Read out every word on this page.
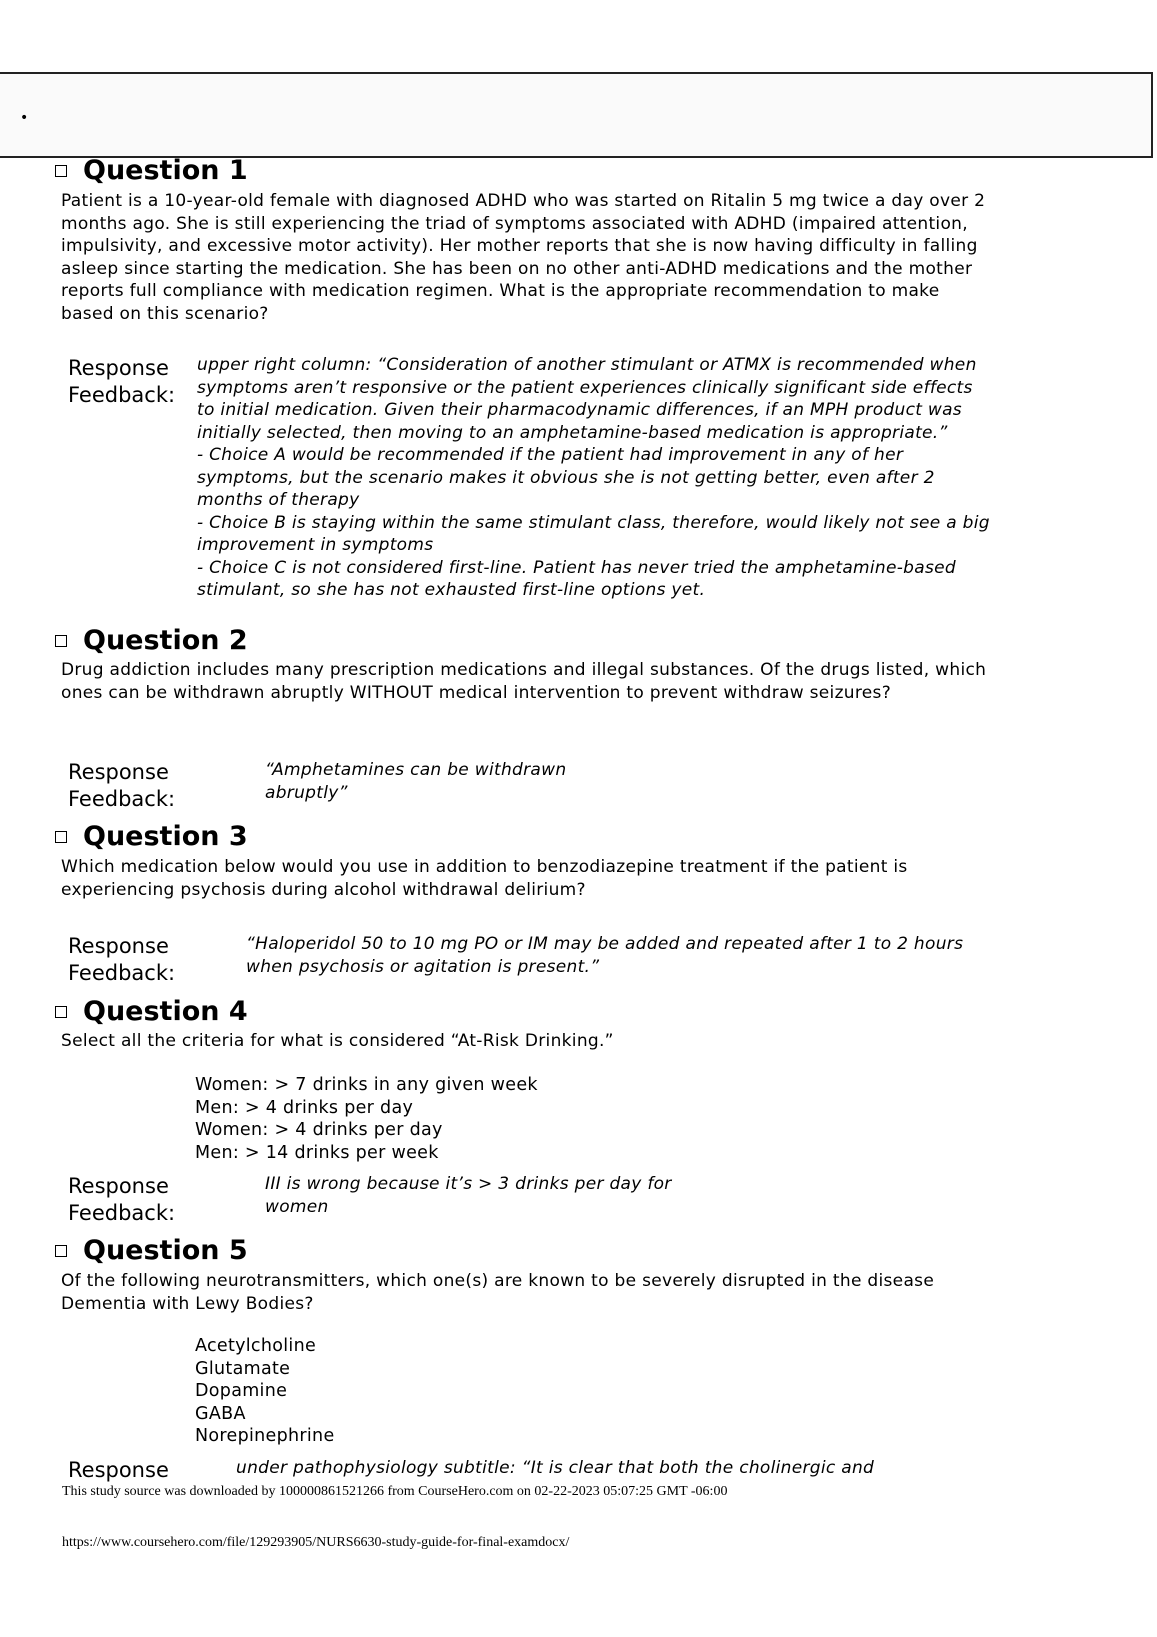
•
Question 1
Patient is a 10-year-old female with diagnosed ADHD who was started on Ritalin 5 mg twice a day over 2 months ago. She is still experiencing the triad of symptoms associated with ADHD (impaired attention, impulsivity, and excessive motor activity). Her mother reports that she is now having difficulty in falling asleep since starting the medication. She has been on no other anti-ADHD medications and the mother reports full compliance with medication regimen. What is the appropriate recommendation to make based on this scenario?
Response
Feedback:
upper right column: “Consideration of another stimulant or ATMX is recommended when symptoms aren’t responsive or the patient experiences clinically significant side effects to initial medication. Given their pharmacodynamic differences, if an MPH product was initially selected, then moving to an amphetamine-based medication is appropriate.”
- Choice A would be recommended if the patient had improvement in any of her symptoms, but the scenario makes it obvious she is not getting better, even after 2 months of therapy
- Choice B is staying within the same stimulant class, therefore, would likely not see a big improvement in symptoms
- Choice C is not considered first-line. Patient has never tried the amphetamine-based stimulant, so she has not exhausted first-line options yet.
Question 2
Drug addiction includes many prescription medications and illegal substances. Of the drugs listed, which ones can be withdrawn abruptly WITHOUT medical intervention to prevent withdraw seizures?
Response
Feedback:
“Amphetamines can be withdrawn abruptly”
Question 3
Which medication below would you use in addition to benzodiazepine treatment if the patient is experiencing psychosis during alcohol withdrawal delirium?
Response
Feedback:
“Haloperidol 50 to 10 mg PO or IM may be added and repeated after 1 to 2 hours when psychosis or agitation is present.”
Question 4
Select all the criteria for what is considered “At-Risk Drinking.”
Women: > 7 drinks in any given week
Men: > 4 drinks per day
Women: > 4 drinks per day
Men: > 14 drinks per week
Response
Feedback:
III is wrong because it’s > 3 drinks per day for women
Question 5
Of the following neurotransmitters, which one(s) are known to be severely disrupted in the disease Dementia with Lewy Bodies?
Acetylcholine
Glutamate
Dopamine
GABA
Norepinephrine
Response	under pathophysiology subtitle: “It is clear that both the cholinergic and
This study source was downloaded by 100000861521266 from CourseHero.com on 02-22-2023 05:07:25 GMT -06:00
https://www.coursehero.com/file/129293905/NURS6630-study-guide-for-final-examdocx/
